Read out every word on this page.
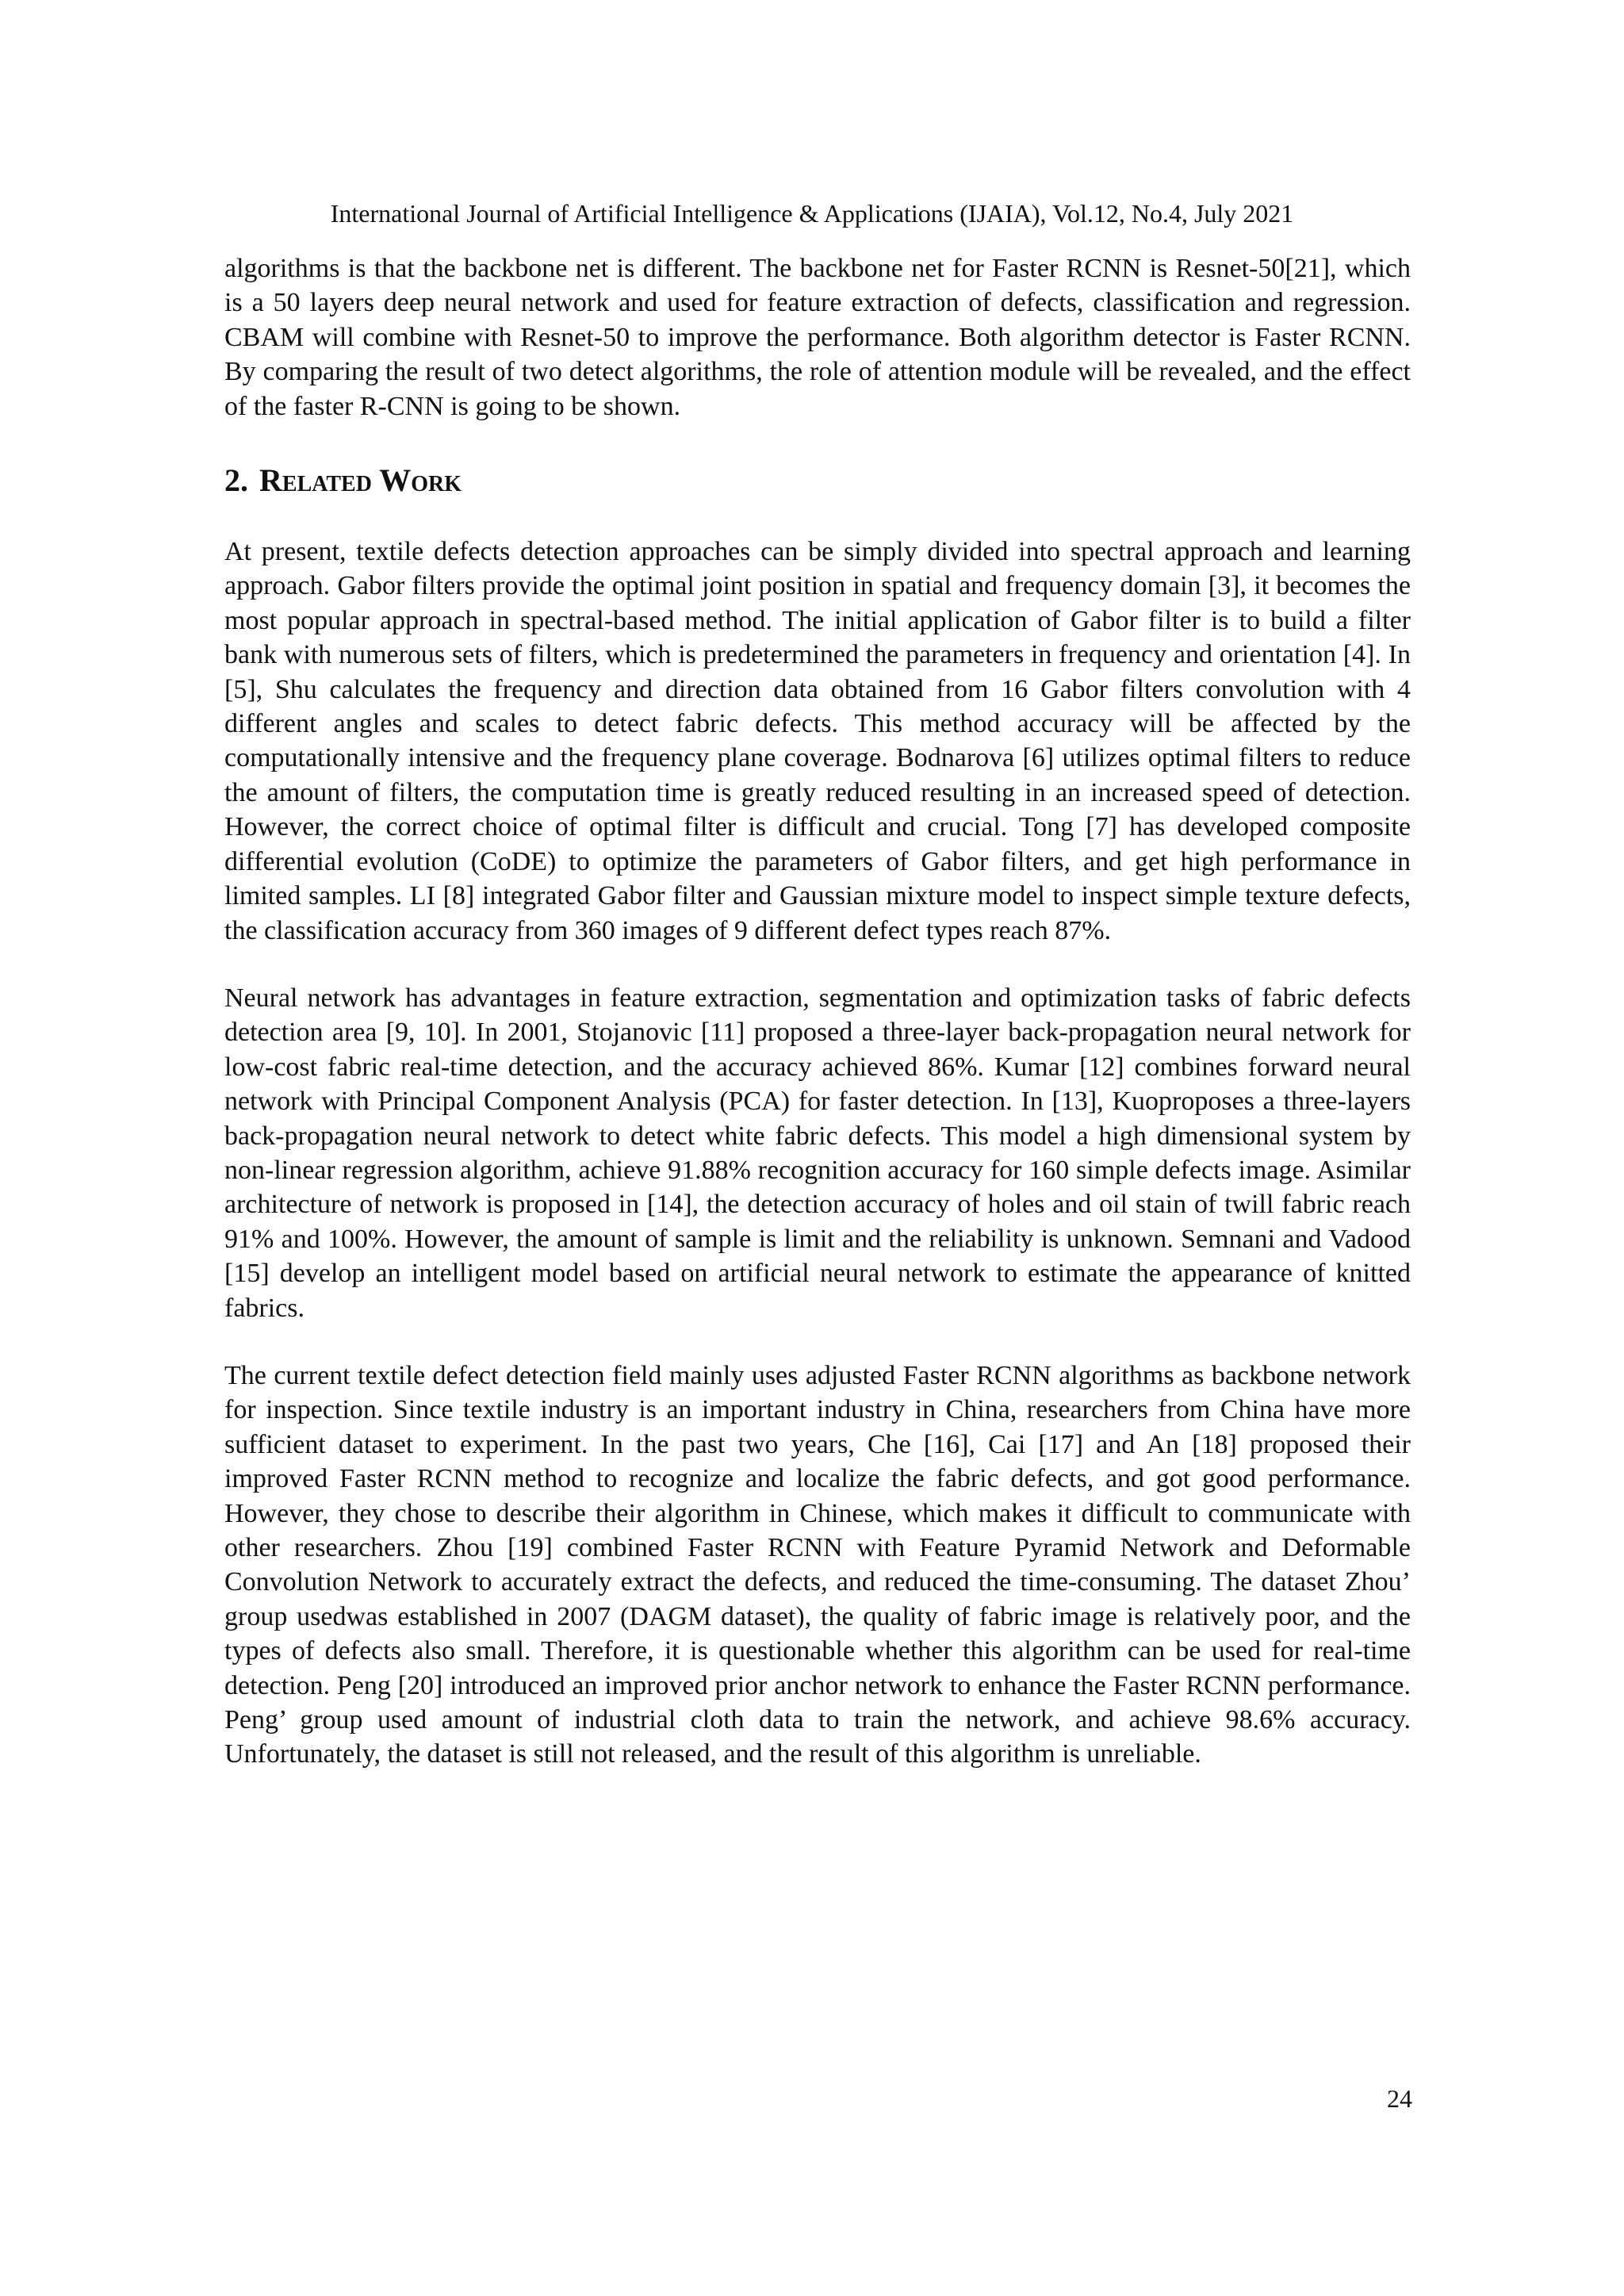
International Journal of Artificial Intelligence & Applications (IJAIA), Vol.12, No.4, July 2021

algorithms is that the backbone net is different. The backbone net for Faster RCNN is Resnet-50[21], which is a 50 layers deep neural network and used for feature extraction of defects, classification and regression. CBAM will combine with Resnet-50 to improve the performance. Both algorithm detector is Faster RCNN. By comparing the result of two detect algorithms, the role of attention module will be revealed, and the effect of the faster R-CNN is going to be shown.

2. Related Work

At present, textile defects detection approaches can be simply divided into spectral approach and learning approach. Gabor filters provide the optimal joint position in spatial and frequency domain [3], it becomes the most popular approach in spectral-based method. The initial application of Gabor filter is to build a filter bank with numerous sets of filters, which is predetermined the parameters in frequency and orientation [4]. In [5], Shu calculates the frequency and direction data obtained from 16 Gabor filters convolution with 4 different angles and scales to detect fabric defects. This method accuracy will be affected by the computationally intensive and the frequency plane coverage. Bodnarova [6] utilizes optimal filters to reduce the amount of filters, the computation time is greatly reduced resulting in an increased speed of detection. However, the correct choice of optimal filter is difficult and crucial. Tong [7] has developed composite differential evolution (CoDE) to optimize the parameters of Gabor filters, and get high performance in limited samples. LI [8] integrated Gabor filter and Gaussian mixture model to inspect simple texture defects, the classification accuracy from 360 images of 9 different defect types reach 87%.

Neural network has advantages in feature extraction, segmentation and optimization tasks of fabric defects detection area [9, 10]. In 2001, Stojanovic [11] proposed a three-layer back-propagation neural network for low-cost fabric real-time detection, and the accuracy achieved 86%. Kumar [12] combines forward neural network with Principal Component Analysis (PCA) for faster detection. In [13], Kuoproposes a three-layers back-propagation neural network to detect white fabric defects. This model a high dimensional system by non-linear regression algorithm, achieve 91.88% recognition accuracy for 160 simple defects image. Asimilar architecture of network is proposed in [14], the detection accuracy of holes and oil stain of twill fabric reach 91% and 100%. However, the amount of sample is limit and the reliability is unknown. Semnani and Vadood [15] develop an intelligent model based on artificial neural network to estimate the appearance of knitted fabrics.

The current textile defect detection field mainly uses adjusted Faster RCNN algorithms as backbone network for inspection. Since textile industry is an important industry in China, researchers from China have more sufficient dataset to experiment. In the past two years, Che [16], Cai [17] and An [18] proposed their improved Faster RCNN method to recognize and localize the fabric defects, and got good performance. However, they chose to describe their algorithm in Chinese, which makes it difficult to communicate with other researchers. Zhou [19] combined Faster RCNN with Feature Pyramid Network and Deformable Convolution Network to accurately extract the defects, and reduced the time-consuming. The dataset Zhou’ group usedwas established in 2007 (DAGM dataset), the quality of fabric image is relatively poor, and the types of defects also small. Therefore, it is questionable whether this algorithm can be used for real-time detection. Peng [20] introduced an improved prior anchor network to enhance the Faster RCNN performance. Peng’ group used amount of industrial cloth data to train the network, and achieve 98.6% accuracy. Unfortunately, the dataset is still not released, and the result of this algorithm is unreliable.

24
